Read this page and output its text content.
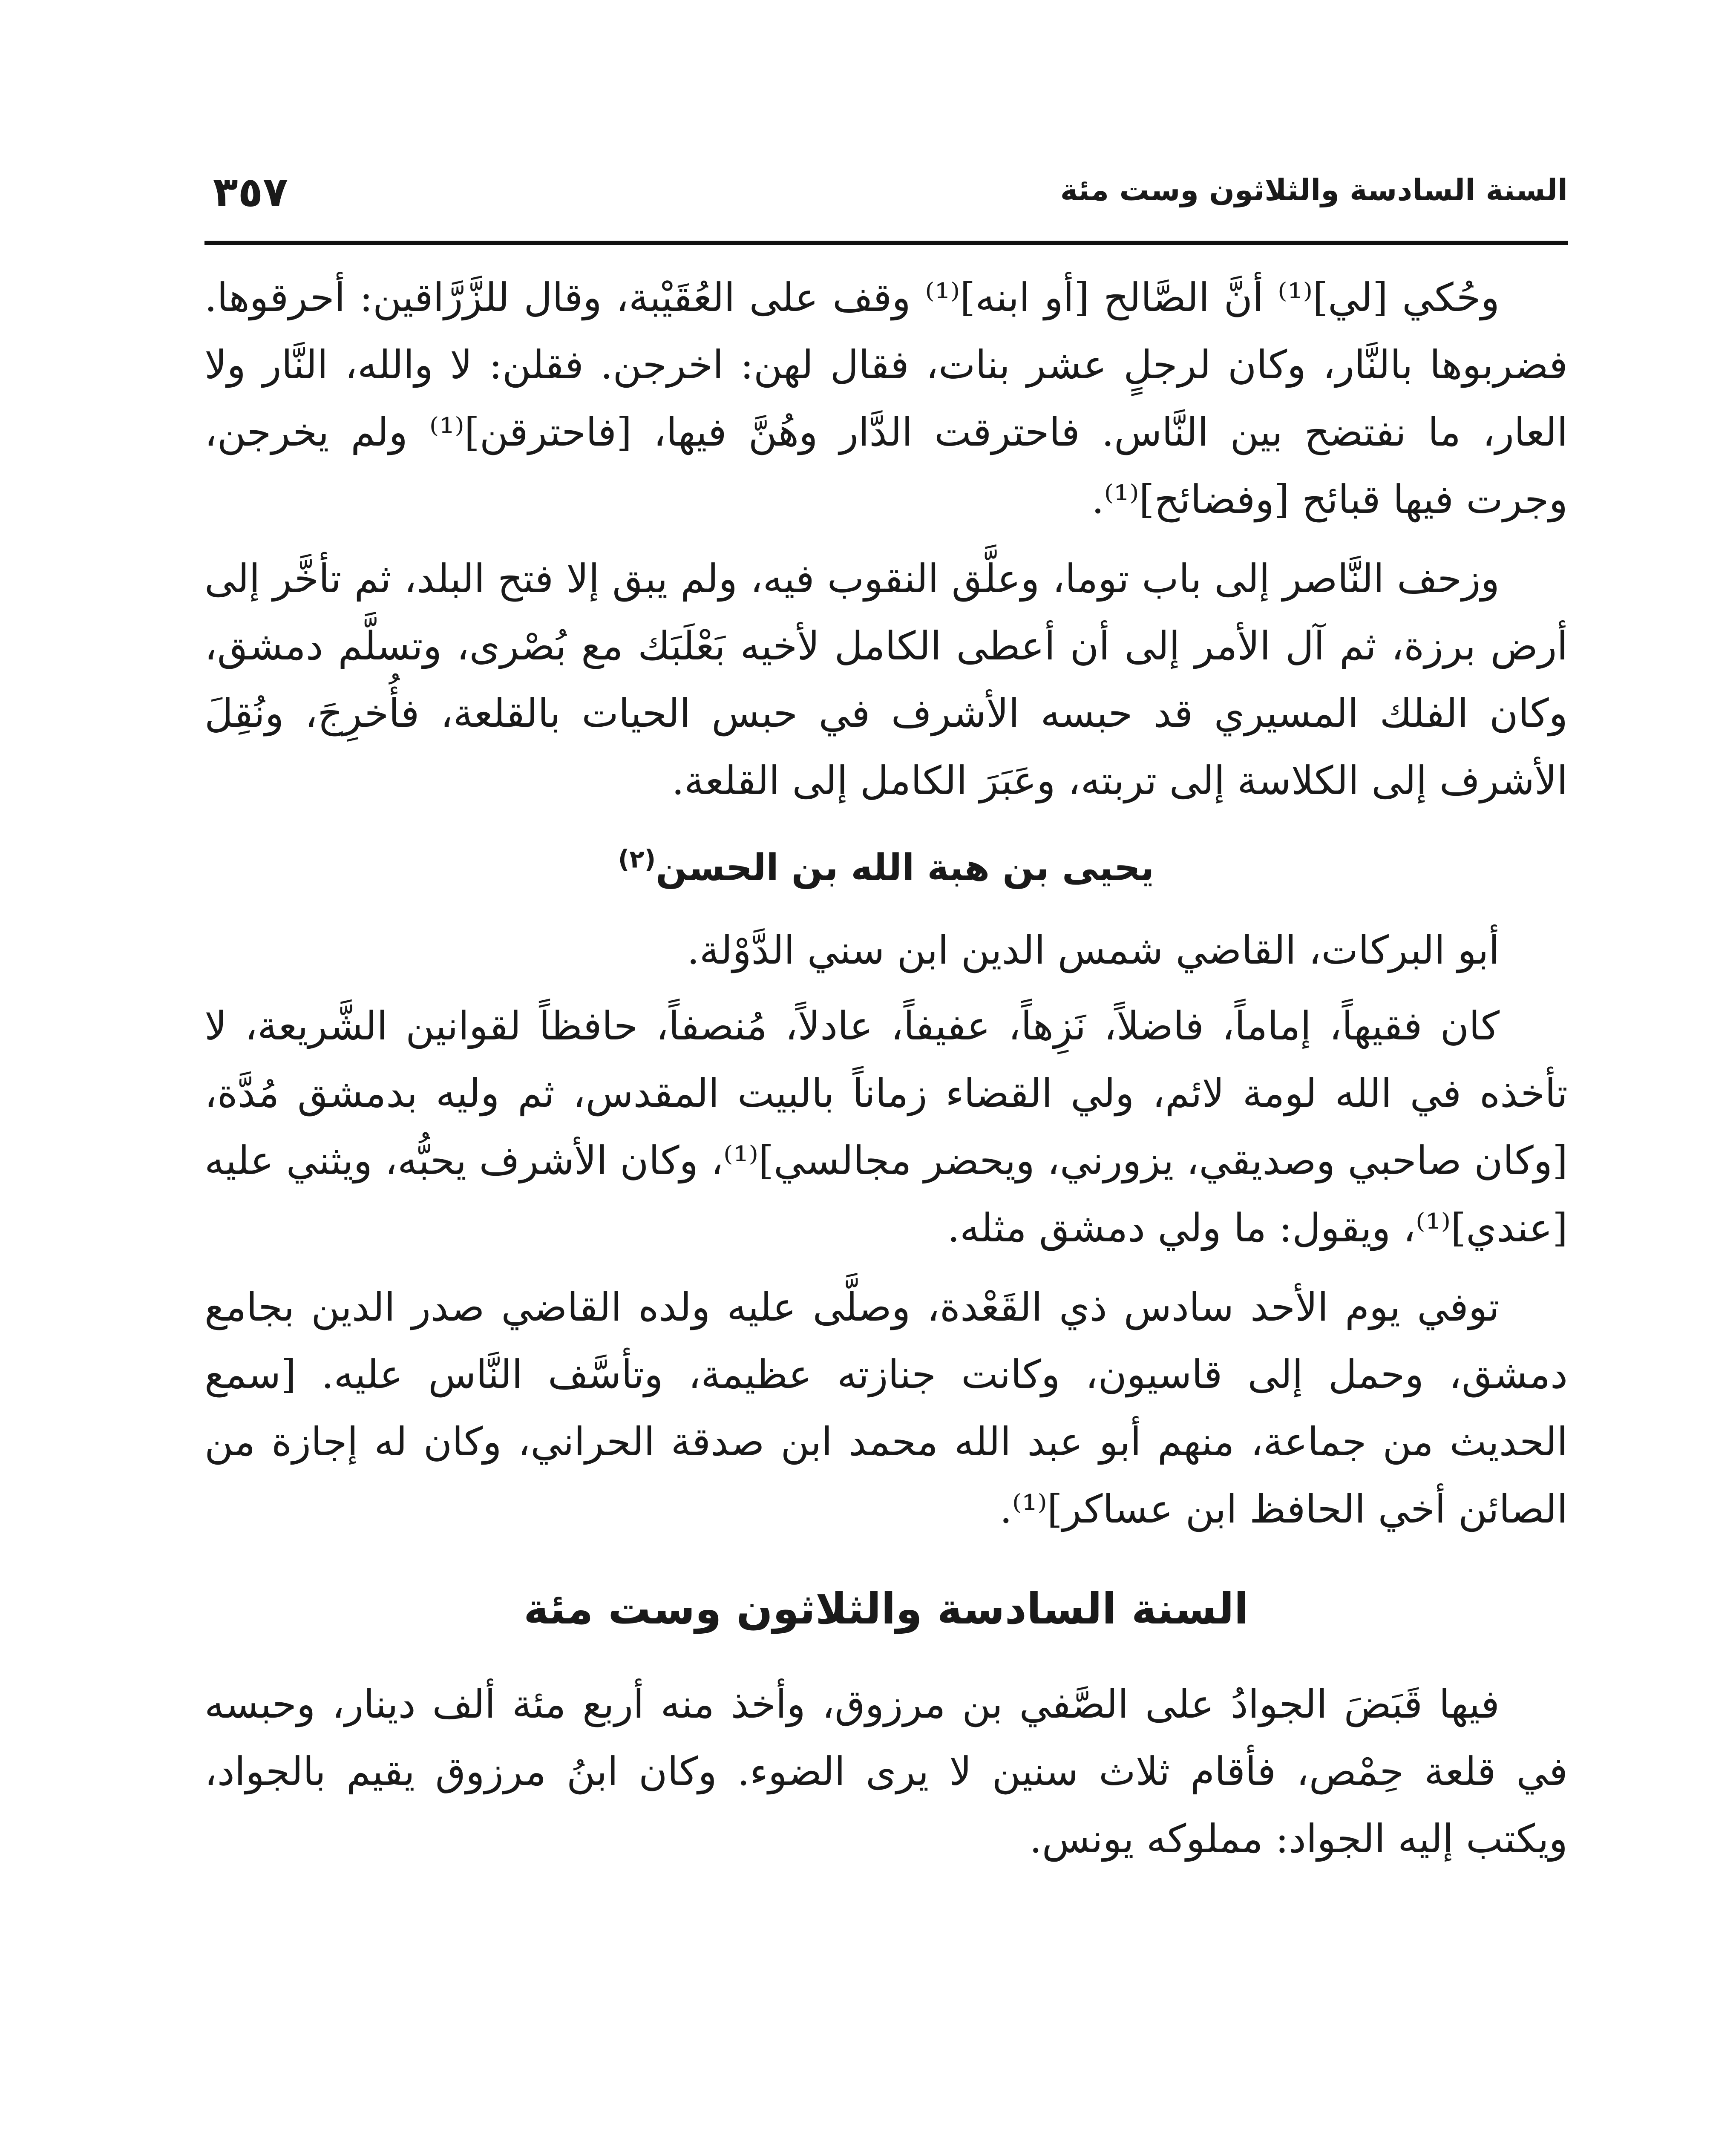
السنة السادسة والثلاثون وست مئة
٣٥٧

وحُكي [لي]⁽¹⁾ أنَّ الصَّالح [أو ابنه]⁽¹⁾ وقف على العُقَيْبة، وقال للزَّرَّاقين: أحرقوها. فضربوها بالنَّار، وكان لرجلٍ عشر بنات، فقال لهن: اخرجن. فقلن: لا والله، النَّار ولا العار، ما نفتضح بين النَّاس. فاحترقت الدَّار وهُنَّ فيها، [فاحترقن]⁽¹⁾ ولم يخرجن، وجرت فيها قبائح [وفضائح]⁽¹⁾.

وزحف النَّاصر إلى باب توما، وعلَّق النقوب فيه، ولم يبق إلا فتح البلد، ثم تأخَّر إلى أرض برزة، ثم آل الأمر إلى أن أعطى الكامل لأخيه بَعْلَبَك مع بُصْرى، وتسلَّم دمشق، وكان الفلك المسيري قد حبسه الأشرف في حبس الحيات بالقلعة، فأُخرِجَ، ونُقِلَ الأشرف إلى الكلاسة إلى تربته، وعَبَرَ الكامل إلى القلعة.

يحيى بن هبة الله بن الحسن$^{(٢)}$

أبو البركات، القاضي شمس الدين ابن سني الدَّوْلة.

كان فقيهاً، إماماً، فاضلاً، نَزِهاً، عفيفاً، عادلاً، مُنصفاً، حافظاً لقوانين الشَّريعة، لا تأخذه في الله لومة لائم، ولي القضاء زماناً بالبيت المقدس، ثم وليه بدمشق مُدَّة، [وكان صاحبي وصديقي، يزورني، ويحضر مجالسي]⁽¹⁾، وكان الأشرف يحبُّه، ويثني عليه [عندي]⁽¹⁾، ويقول: ما ولي دمشق مثله.

توفي يوم الأحد سادس ذي القَعْدة، وصلَّى عليه ولده القاضي صدر الدين بجامع دمشق، وحمل إلى قاسيون، وكانت جنازته عظيمة، وتأسَّف النَّاس عليه. [سمع الحديث من جماعة، منهم أبو عبد الله محمد ابن صدقة الحراني، وكان له إجازة من الصائن أخي الحافظ ابن عساكر]⁽¹⁾.

السنة السادسة والثلاثون وست مئة

فيها قَبَضَ الجوادُ على الصَّفي بن مرزوق، وأخذ منه أربع مئة ألف دينار، وحبسه في قلعة حِمْص، فأقام ثلاث سنين لا يرى الضوء. وكان ابنُ مرزوق يقيم بالجواد، ويكتب إليه الجواد: مملوكه يونس.
